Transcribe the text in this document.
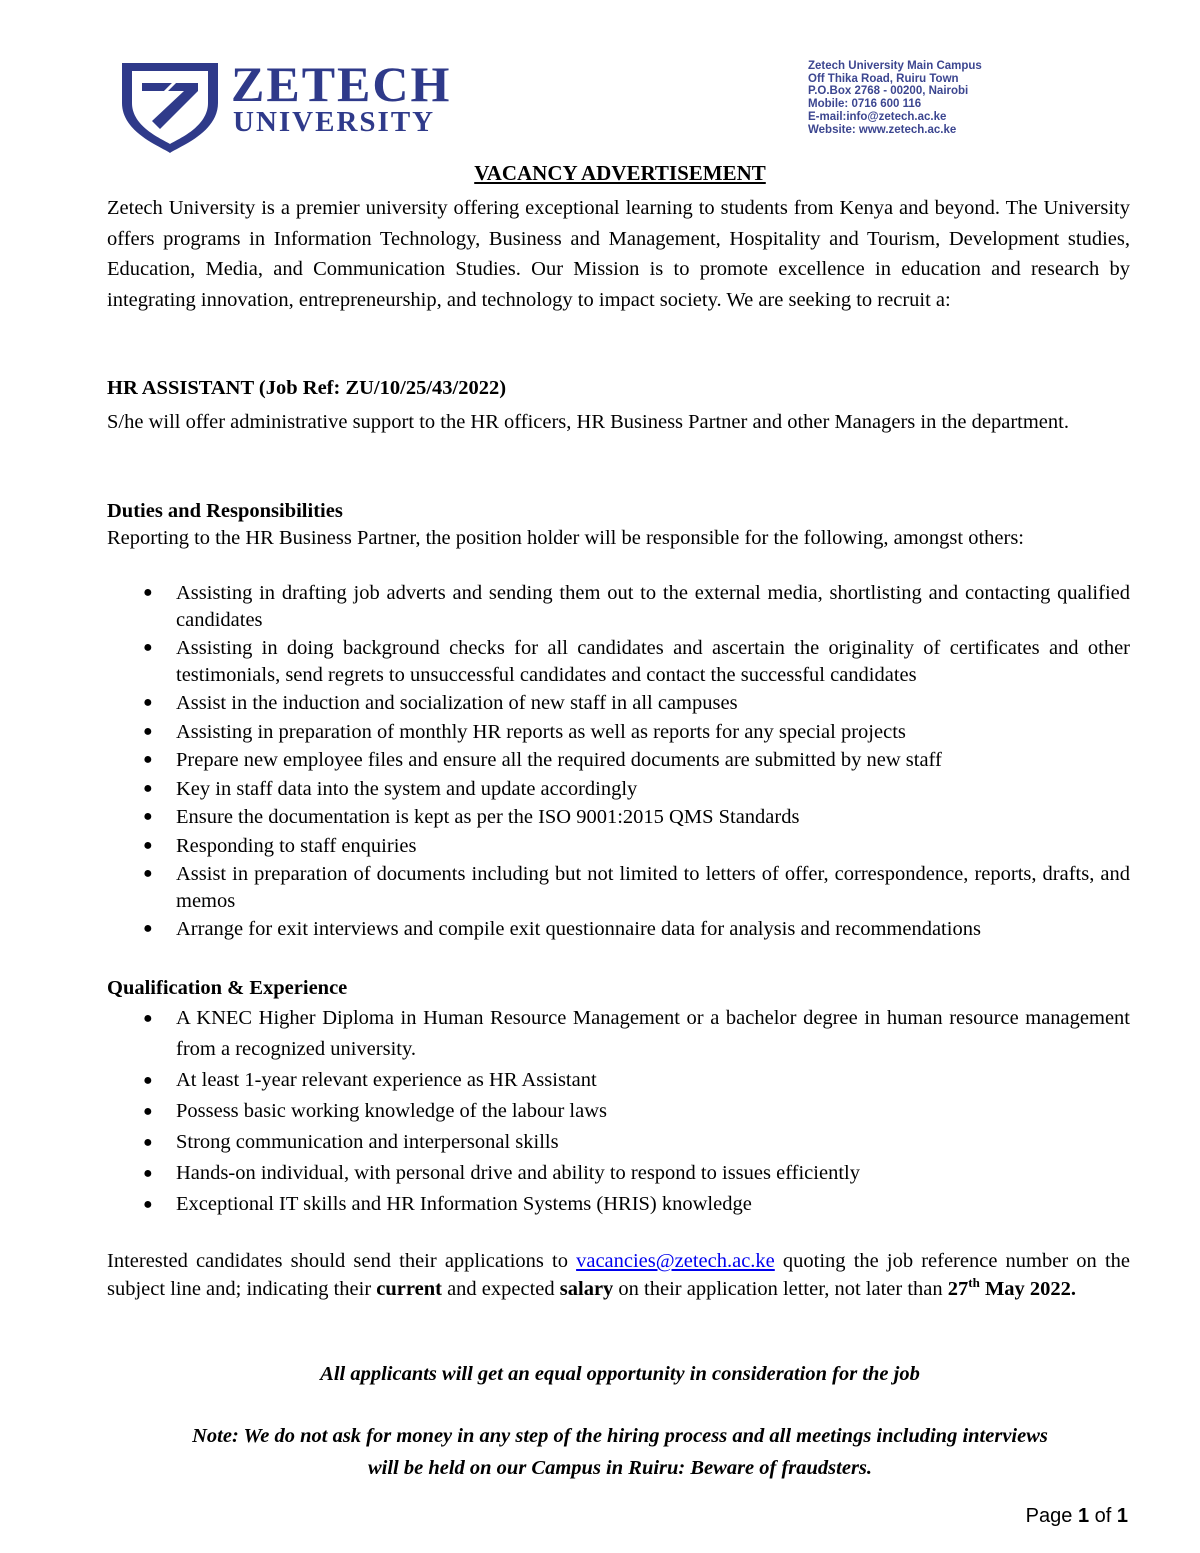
ZETECH
UNIVERSITY
Zetech University Main Campus
Off Thika Road, Ruiru Town
P.O.Box 2768 - 00200, Nairobi
Mobile: 0716 600 116
E-mail:info@zetech.ac.ke
Website: www.zetech.ac.ke
VACANCY ADVERTISEMENT
Zetech University is a premier university offering exceptional learning to students from Kenya and beyond. The University offers programs in Information Technology, Business and Management, Hospitality and Tourism, Development studies, Education, Media, and Communication Studies. Our Mission is to promote excellence in education and research by integrating innovation, entrepreneurship, and technology to impact society. We are seeking to recruit a:
HR ASSISTANT (Job Ref: ZU/10/25/43/2022)
S/he will offer administrative support to the HR officers, HR Business Partner and other Managers in the department.
Duties and Responsibilities
Reporting to the HR Business Partner, the position holder will be responsible for the following, amongst others:
● Assisting in drafting job adverts and sending them out to the external media, shortlisting and contacting qualified candidates
● Assisting in doing background checks for all candidates and ascertain the originality of certificates and other testimonials, send regrets to unsuccessful candidates and contact the successful candidates
● Assist in the induction and socialization of new staff in all campuses
● Assisting in preparation of monthly HR reports as well as reports for any special projects
● Prepare new employee files and ensure all the required documents are submitted by new staff
● Key in staff data into the system and update accordingly
● Ensure the documentation is kept as per the ISO 9001:2015 QMS Standards
● Responding to staff enquiries
● Assist in preparation of documents including but not limited to letters of offer, correspondence, reports, drafts, and memos
● Arrange for exit interviews and compile exit questionnaire data for analysis and recommendations
Qualification & Experience
● A KNEC Higher Diploma in Human Resource Management or a bachelor degree in human resource management from a recognized university.
● At least 1-year relevant experience as HR Assistant
● Possess basic working knowledge of the labour laws
● Strong communication and interpersonal skills
● Hands-on individual, with personal drive and ability to respond to issues efficiently
● Exceptional IT skills and HR Information Systems (HRIS) knowledge
Interested candidates should send their applications to vacancies@zetech.ac.ke quoting the job reference number on the subject line and; indicating their current and expected salary on their application letter, not later than 27th May 2022.
All applicants will get an equal opportunity in consideration for the job
Note: We do not ask for money in any step of the hiring process and all meetings including interviews
will be held on our Campus in Ruiru: Beware of fraudsters.
Page 1 of 1
